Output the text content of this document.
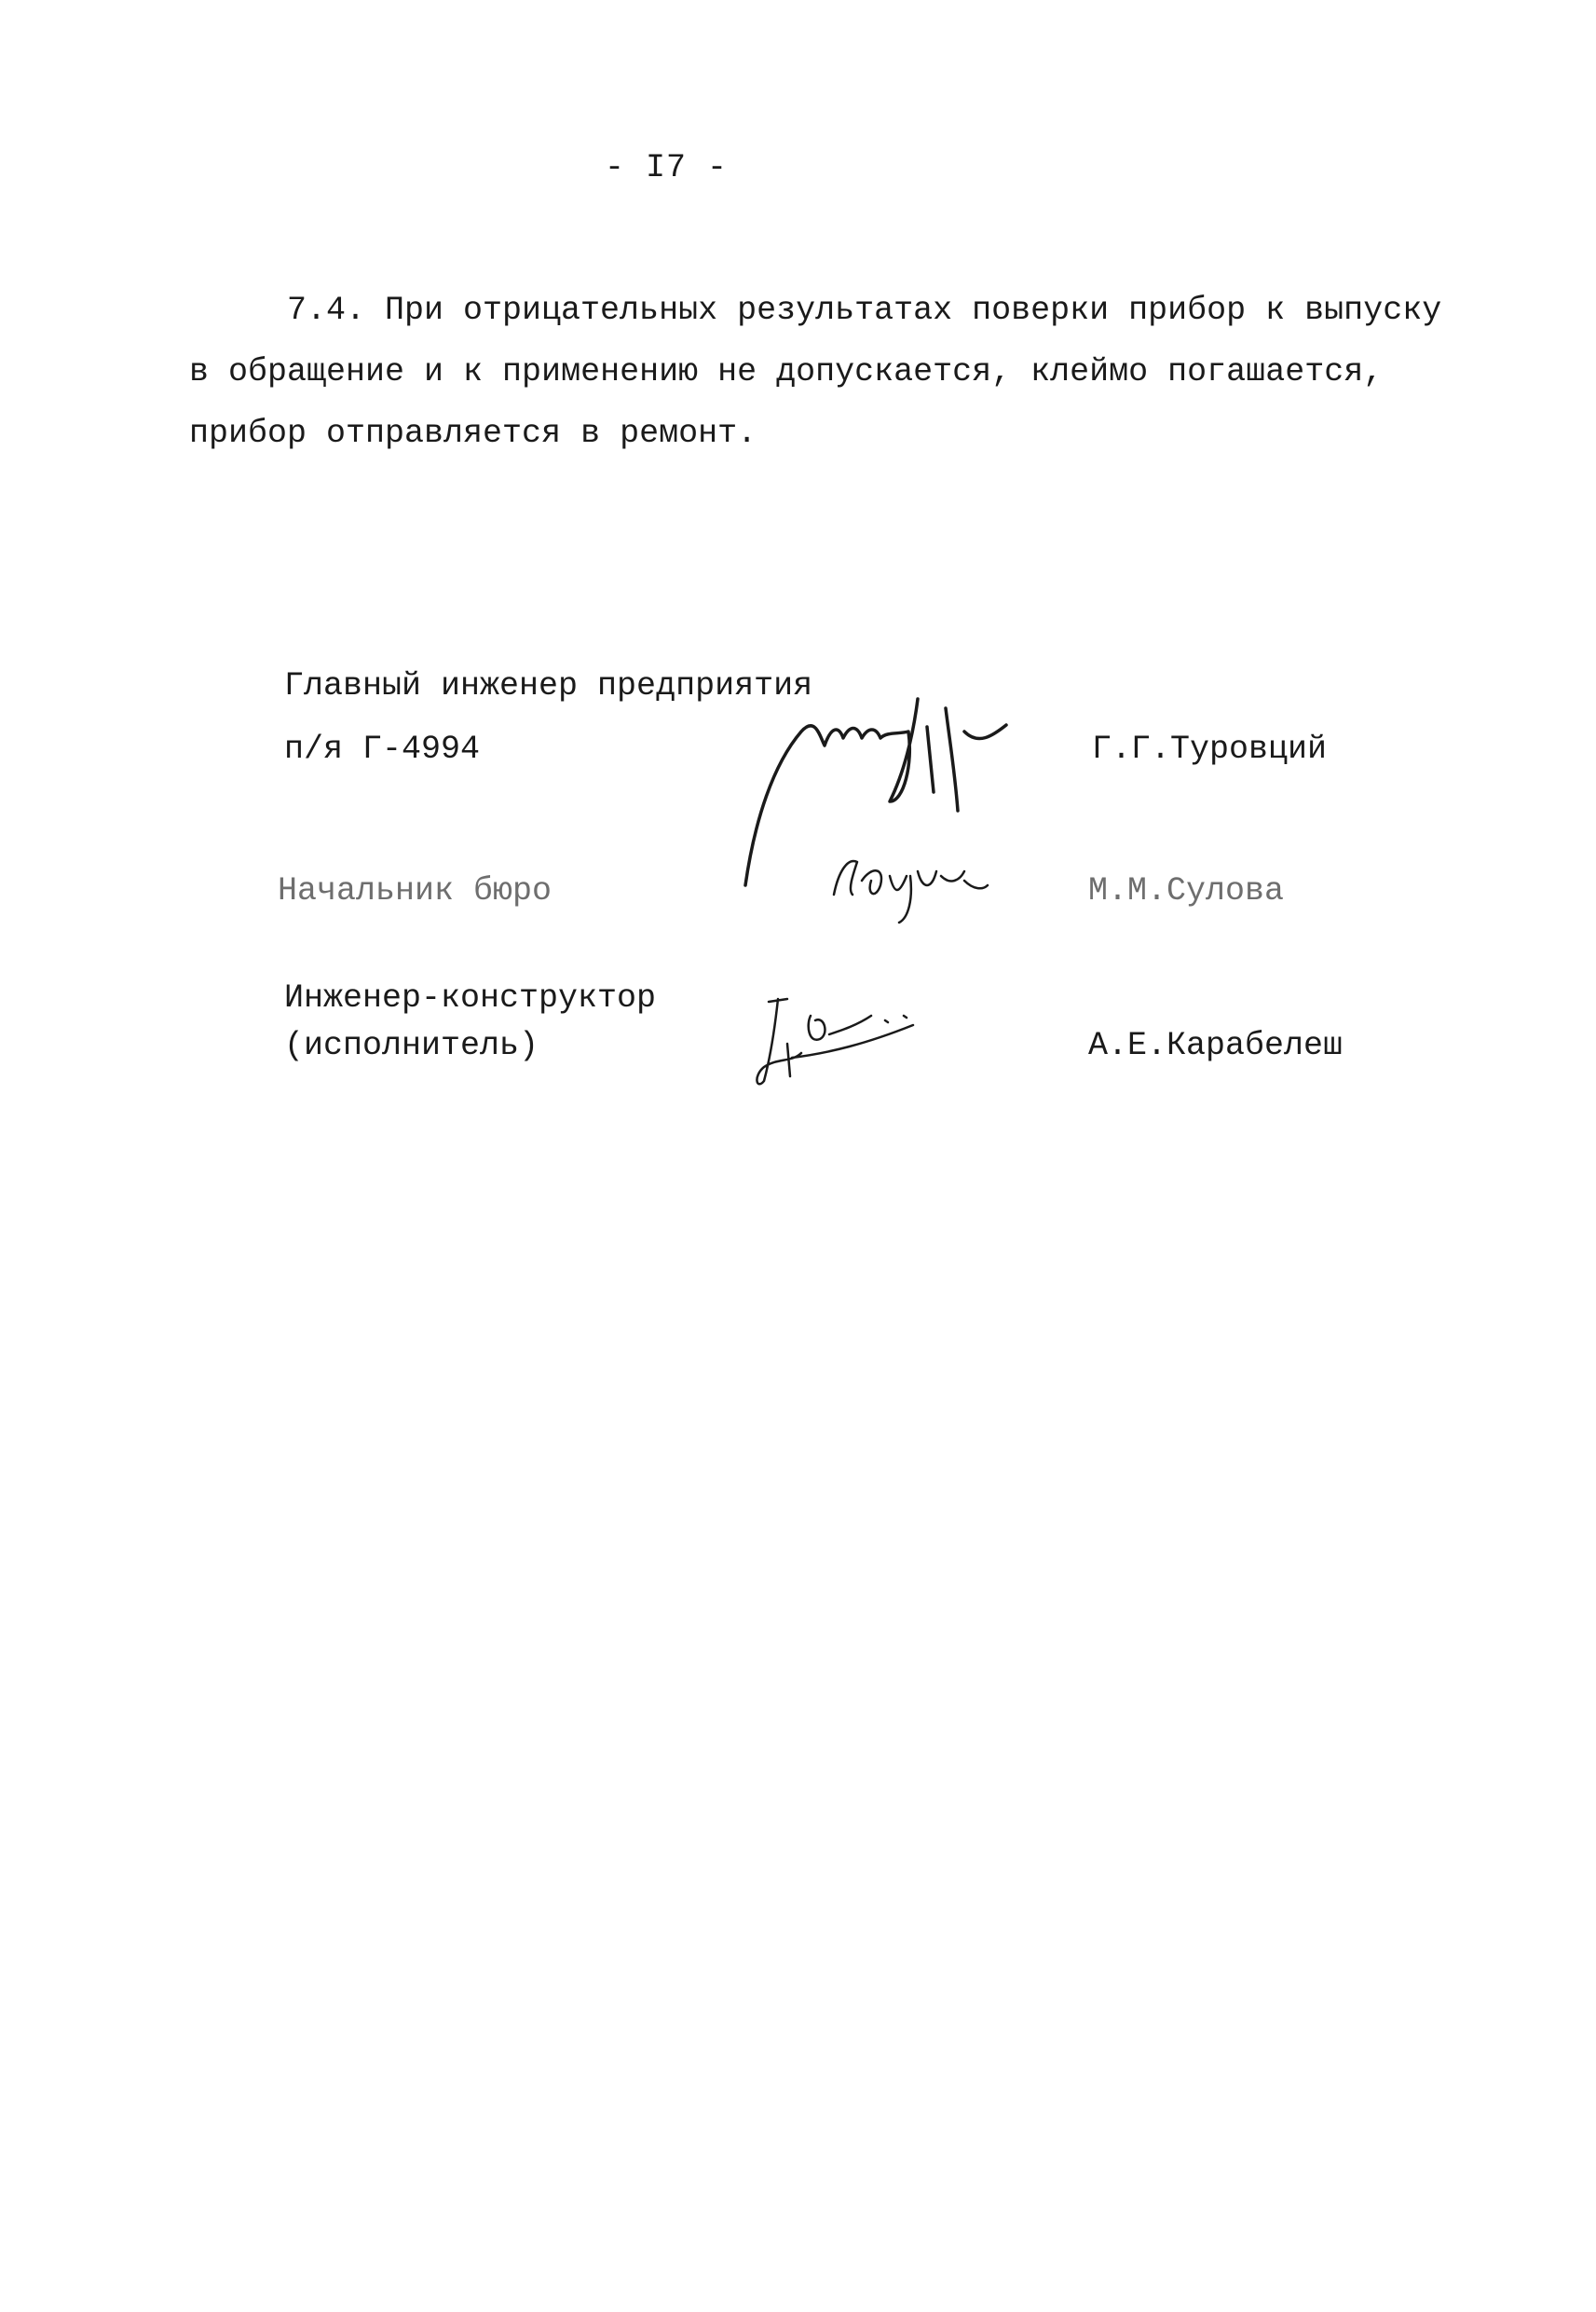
- I7 -
7.4. При отрицательных результатах поверки прибор к выпуску
в обращение и к применению не допускается, клеймо погашается,
прибор отправляется в ремонт.
Главный инженер предприятия
п/я Г-4994	Г.Г.Туровций
Начальник бюро	М.М.Сулова
Инженер-конструктор
(исполнитель)	А.Е.Карабелеш
